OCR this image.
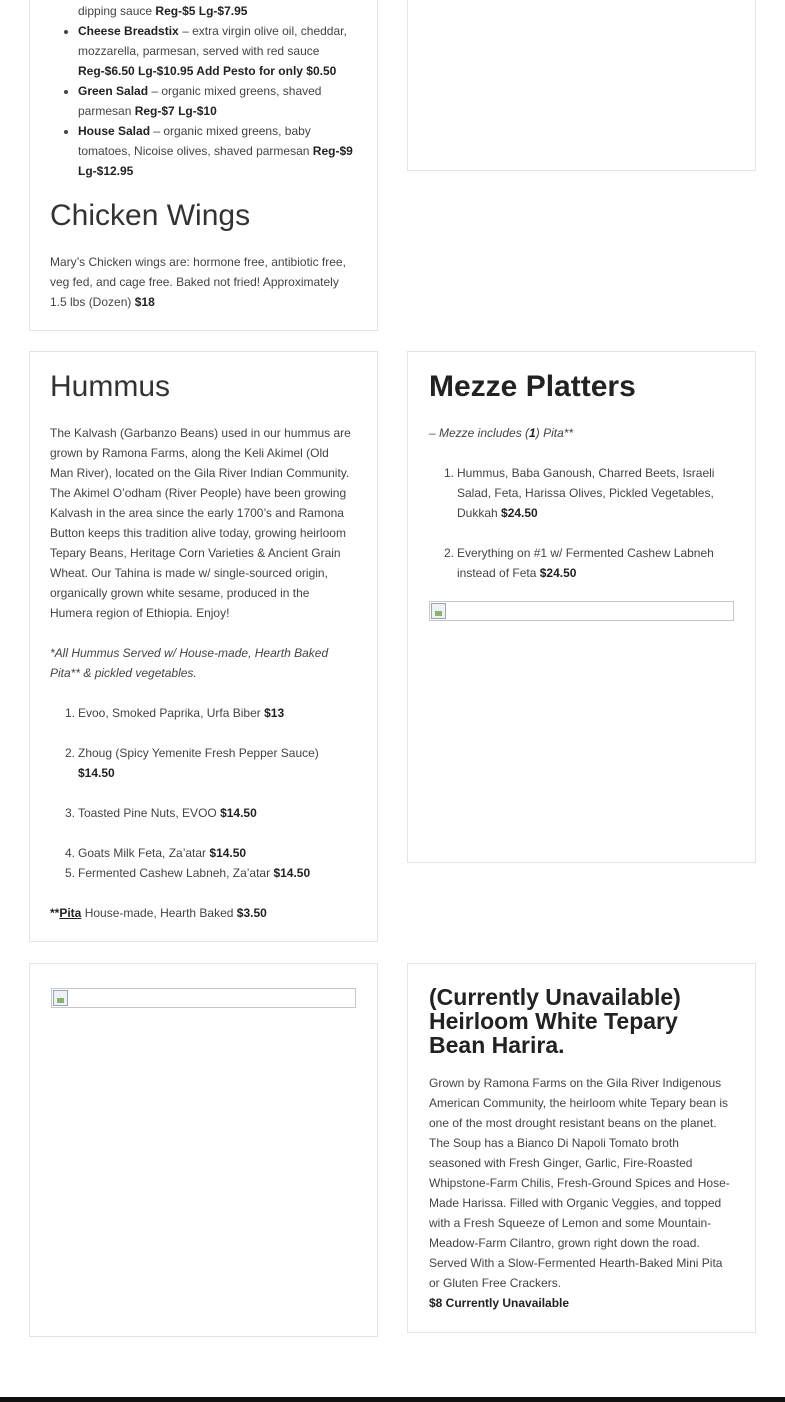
dipping sauce Reg-$5 Lg-$7.95
• Cheese Breadstix – extra virgin olive oil, cheddar, mozzarella, parmesan, served with red sauce Reg-$6.50 Lg-$10.95 Add Pesto for only $0.50
• Green Salad – organic mixed greens, shaved parmesan Reg-$7 Lg-$10
• House Salad – organic mixed greens, baby tomatoes, Nicoise olives, shaved parmesan Reg-$9 Lg-$12.95
Chicken Wings

Mary’s Chicken wings are: hormone free, antibiotic free, veg fed, and cage free. Baked not fried! Approximately 1.5 lbs (Dozen) $18

Hummus

The Kalvash (Garbanzo Beans) used in our hummus are grown by Ramona Farms, along the Keli Akimel (Old Man River), located on the Gila River Indian Community. The Akimel O’odham (River People) have been growing Kalvash in the area since the early 1700’s and Ramona Button keeps this tradition alive today, growing heirloom Tepary Beans, Heritage Corn Varieties & Ancient Grain Wheat. Our Tahina is made w/ single-sourced origin, organically grown white sesame, produced in the Humera region of Ethiopia. Enjoy!

*All Hummus Served w/ House-made, Hearth Baked Pita** & pickled vegetables.

1. Evoo, Smoked Paprika, Urfa Biber $13
2. Zhoug (Spicy Yemenite Fresh Pepper Sauce) $14.50
3. Toasted Pine Nuts, EVOO $14.50
4. Goats Milk Feta, Za’atar $14.50
5. Fermented Cashew Labneh, Za’atar $14.50

**Pita House-made, Hearth Baked $3.50

Mezze Platters

– Mezze includes (1) Pita**

1. Hummus, Baba Ganoush, Charred Beets, Israeli Salad, Feta, Harissa Olives, Pickled Vegetables, Dukkah $24.50
2. Everything on #1 w/ Fermented Cashew Labneh instead of Feta $24.50
(Currently Unavailable) Heirloom White Tepary Bean Harira.

Grown by Ramona Farms on the Gila River Indigenous American Community, the heirloom white Tepary bean is one of the most drought resistant beans on the planet. The Soup has a Bianco Di Napoli Tomato broth seasoned with Fresh Ginger, Garlic, Fire-Roasted Whipstone-Farm Chilis, Fresh-Ground Spices and Hose-Made Harissa. Filled with Organic Veggies, and topped with a Fresh Squeeze of Lemon and some Mountain-Meadow-Farm Cilantro, grown right down the road. Served With a Slow-Fermented Hearth-Baked Mini Pita or Gluten Free Crackers.

$8 Currently Unavailable
